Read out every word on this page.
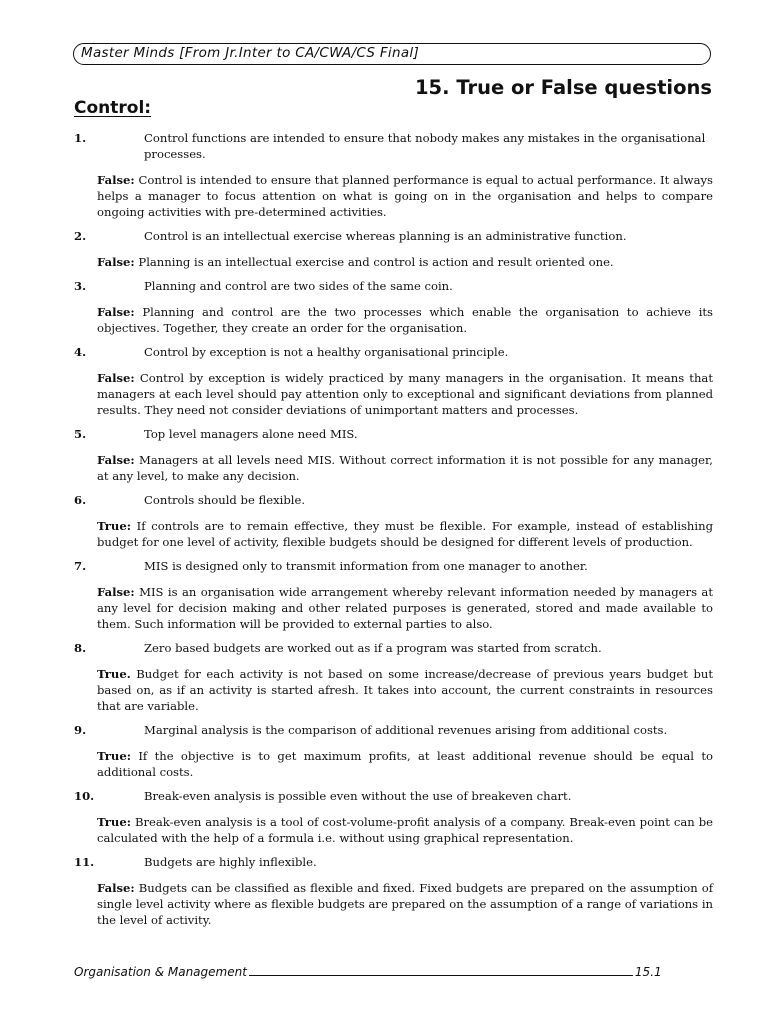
Master Minds [From Jr.Inter to CA/CWA/CS Final]
15. True or False questions
Control:
1.	Control functions are intended to ensure that nobody makes any mistakes in the organisational processes.
False: Control is intended to ensure that planned performance is equal to actual performance. It always helps a manager to focus attention on what is going on in the organisation and helps to compare ongoing activities with pre-determined activities.
2.	Control is an intellectual exercise whereas planning is an administrative function.
False: Planning is an intellectual exercise and control is action and result oriented one.
3.	Planning and control are two sides of the same coin.
False: Planning and control are the two processes which enable the organisation to achieve its objectives. Together, they create an order for the organisation.
4.	Control by exception is not a healthy organisational principle.
False: Control by exception is widely practiced by many managers in the organisation. It means that managers at each level should pay attention only to exceptional and significant deviations from planned results. They need not consider deviations of unimportant matters and processes.
5.	Top level managers alone need MIS.
False: Managers at all levels need MIS. Without correct information it is not possible for any manager, at any level, to make any decision.
6.	Controls should be flexible.
True: If controls are to remain effective, they must be flexible. For example, instead of establishing budget for one level of activity, flexible budgets should be designed for different levels of production.
7.	MIS is designed only to transmit information from one manager to another.
False: MIS is an organisation wide arrangement whereby relevant information needed by managers at any level for decision making and other related purposes is generated, stored and made available to them. Such information will be provided to external parties to also.
8.	Zero based budgets are worked out as if a program was started from scratch.
True. Budget for each activity is not based on some increase/decrease of previous years budget but based on, as if an activity is started afresh. It takes into account, the current constraints in resources that are variable.
9.	Marginal analysis is the comparison of additional revenues arising from additional costs.
True: If the objective is to get maximum profits, at least additional revenue should be equal to additional costs.
10.	Break-even analysis is possible even without the use of breakeven chart.
True: Break-even analysis is a tool of cost-volume-profit analysis of a company. Break-even point can be calculated with the help of a formula i.e. without using graphical representation.
11.	Budgets are highly inflexible.
False: Budgets can be classified as flexible and fixed. Fixed budgets are prepared on the assumption of single level activity where as flexible budgets are prepared on the assumption of a range of variations in the level of activity.
Organisation & Management	15.1
